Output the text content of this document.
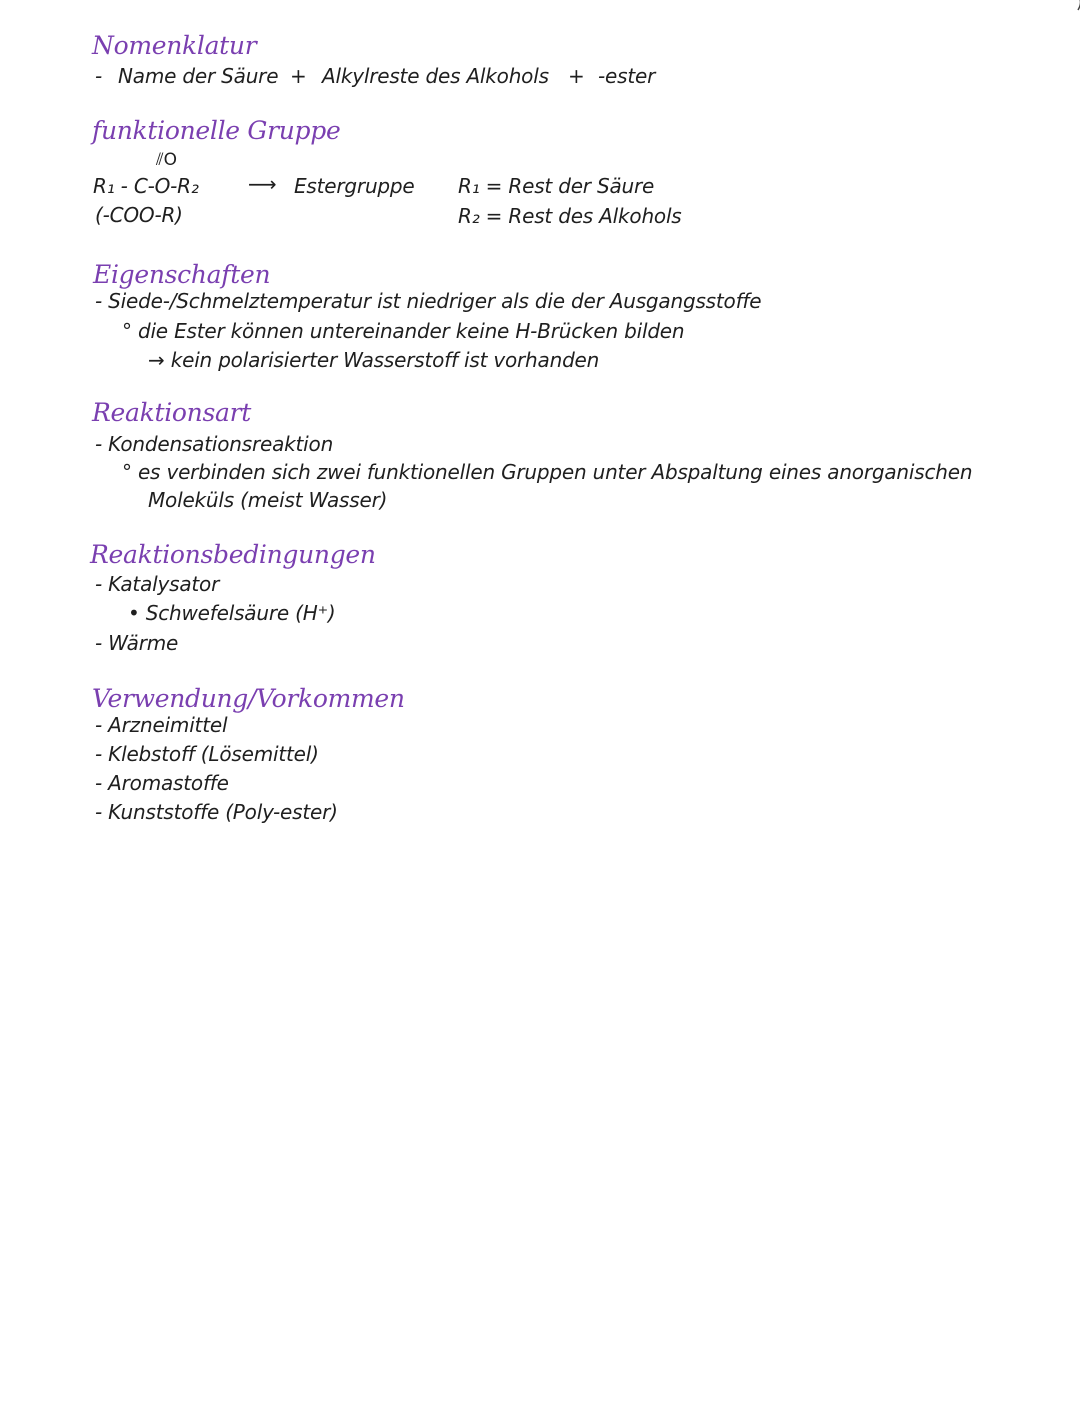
Nomenklatur
- Name der Säure + Alkylreste des Alkohols + -ester
funktionelle Gruppe
⫽O
R₁ - C-O-R₂ ⟶ Estergruppe
(-COO-R)
R₁ = Rest der Säure
R₂ = Rest des Alkohols
Eigenschaften
- Siede-/Schmelztemperatur ist niedriger als die der Ausgangsstoffe
° die Ester können untereinander keine H-Brücken bilden
→ kein polarisierter Wasserstoff ist vorhanden
Reaktionsart
- Kondensationsreaktion
° es verbinden sich zwei funktionellen Gruppen unter Abspaltung eines anorganischen
Moleküls (meist Wasser)
Reaktionsbedingungen
- Katalysator
• Schwefelsäure (H⁺)
- Wärme
Verwendung/Vorkommen
- Arzneimittel
- Klebstoff (Lösemittel)
- Aromastoffe
- Kunststoffe (Poly-ester)
